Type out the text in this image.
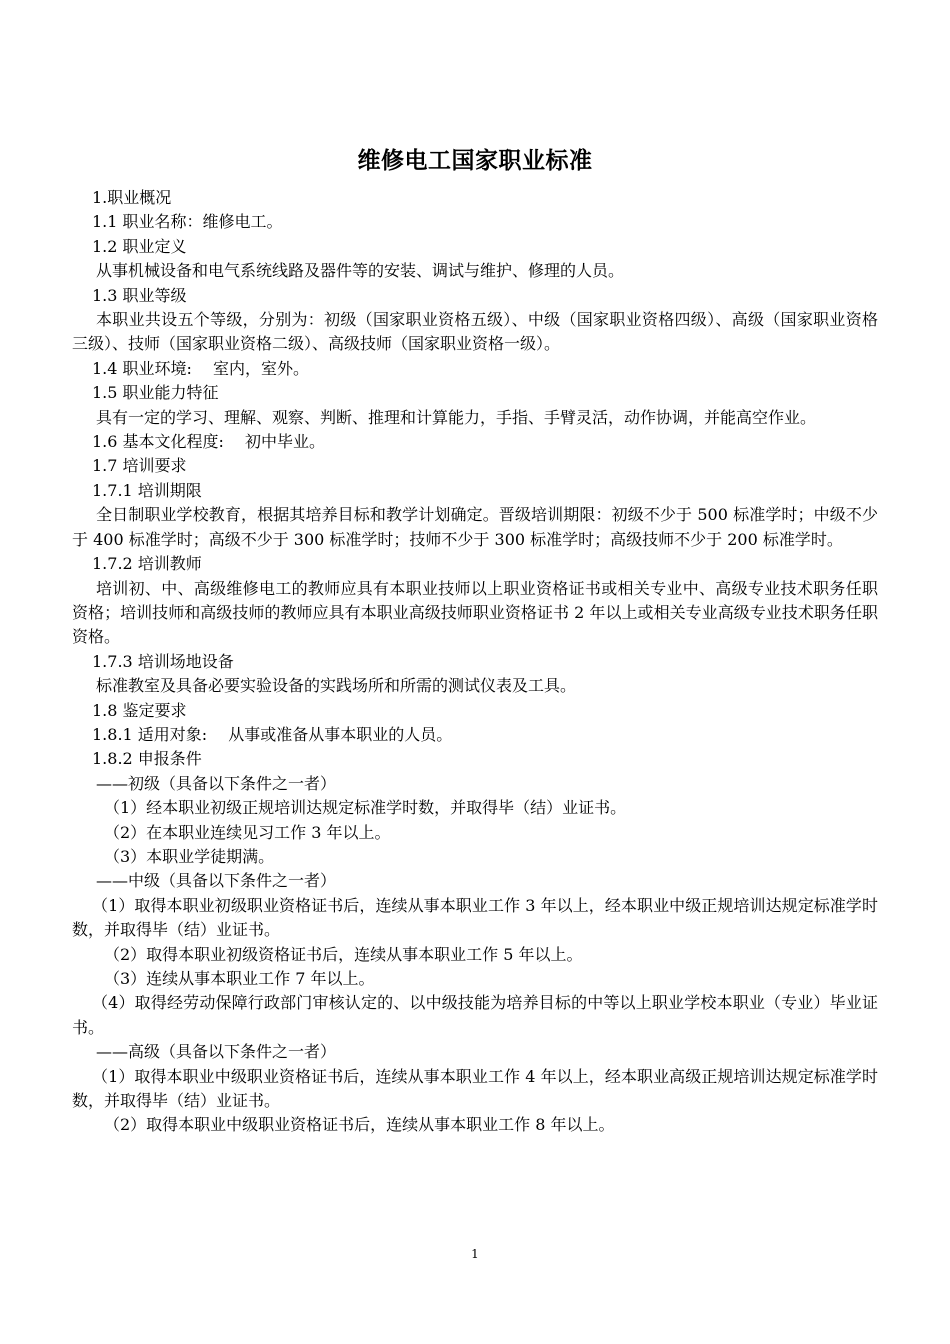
维修电工国家职业标准

1.职业概况

1.1 职业名称：维修电工。

1.2 职业定义

从事机械设备和电气系统线路及器件等的安装、调试与维护、修理的人员。

1.3 职业等级

本职业共设五个等级，分别为：初级（国家职业资格五级）、中级（国家职业资格四级）、高级（国家职业资格三级）、技师（国家职业资格二级）、高级技师（国家职业资格一级）。

1.4 职业环境:　 室内，室外。

1.5 职业能力特征

具有一定的学习、理解、观察、判断、推理和计算能力，手指、手臂灵活，动作协调，并能高空作业。

1.6 基本文化程度:　 初中毕业。

1.7 培训要求

1.7.1 培训期限

全日制职业学校教育，根据其培养目标和教学计划确定。晋级培训期限：初级不少于 500 标准学时；中级不少于 400 标准学时；高级不少于 300 标准学时；技师不少于 300 标准学时；高级技师不少于 200 标准学时。

1.7.2 培训教师

培训初、中、高级维修电工的教师应具有本职业技师以上职业资格证书或相关专业中、高级专业技术职务任职资格；培训技师和高级技师的教师应具有本职业高级技师职业资格证书 2 年以上或相关专业高级专业技术职务任职资格。

1.7.3 培训场地设备

标准教室及具备必要实验设备的实践场所和所需的测试仪表及工具。

1.8 鉴定要求

1.8.1 适用对象:　 从事或准备从事本职业的人员。

1.8.2 申报条件

——初级（具备以下条件之一者）

（1）经本职业初级正规培训达规定标准学时数，并取得毕（结）业证书。

（2）在本职业连续见习工作 3 年以上。

（3）本职业学徒期满。

——中级（具备以下条件之一者）

（1）取得本职业初级职业资格证书后，连续从事本职业工作 3 年以上，经本职业中级正规培训达规定标准学时数，并取得毕（结）业证书。

（2）取得本职业初级资格证书后，连续从事本职业工作 5 年以上。

（3）连续从事本职业工作 7 年以上。

（4）取得经劳动保障行政部门审核认定的、以中级技能为培养目标的中等以上职业学校本职业（专业）毕业证书。

——高级（具备以下条件之一者）

（1）取得本职业中级职业资格证书后，连续从事本职业工作 4 年以上，经本职业高级正规培训达规定标准学时数，并取得毕（结）业证书。

（2）取得本职业中级职业资格证书后，连续从事本职业工作 8 年以上。

1
